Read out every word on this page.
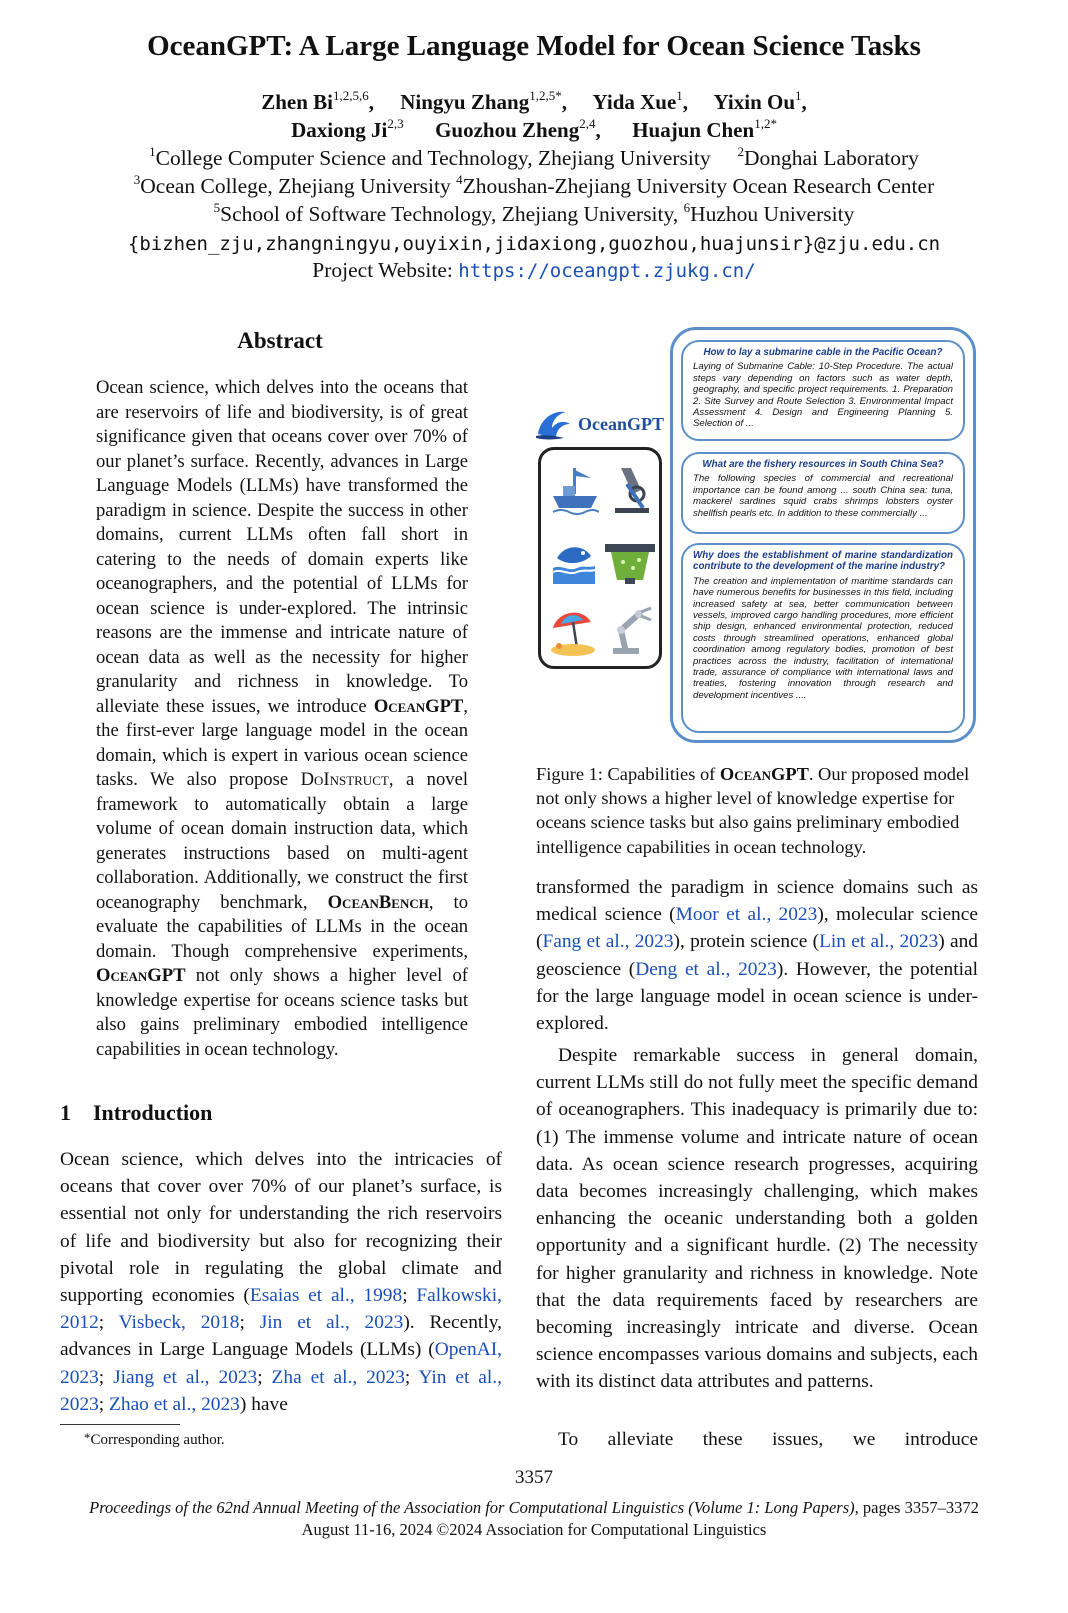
OceanGPT: A Large Language Model for Ocean Science Tasks
Zhen Bi$^{1,2,5,6}$, Ningyu Zhang$^{1,2,5*}$, Yida Xue$^1$, Yixin Ou$^1$,
Daxiong Ji$^{2,3}$ Guozhou Zheng$^{2,4}$, Huajun Chen$^{1,2*}$
$^1$College Computer Science and Technology, Zhejiang University $^2$Donghai Laboratory
$^3$Ocean College, Zhejiang University $^4$Zhoushan-Zhejiang University Ocean Research Center
$^5$School of Software Technology, Zhejiang University, $^6$Huzhou University
{bizhen_zju,zhangningyu,ouyixin,jidaxiong,guozhou,huajunsir}@zju.edu.cn
Project Website: https://oceangpt.zjukg.cn/
Abstract
Ocean science, which delves into the oceans that are reservoirs of life and biodiversity, is of great significance given that oceans cover over 70% of our planet’s surface. Recently, advances in Large Language Models (LLMs) have transformed the paradigm in science. Despite the success in other domains, current LLMs often fall short in catering to the needs of domain experts like oceanographers, and the potential of LLMs for ocean science is under-explored. The intrinsic reasons are the immense and intricate nature of ocean data as well as the necessity for higher granularity and richness in knowledge. To alleviate these issues, we introduce OceanGPT, the first-ever large language model in the ocean domain, which is expert in various ocean science tasks. We also propose DoInstruct, a novel framework to automatically obtain a large volume of ocean domain instruction data, which generates instructions based on multi-agent collaboration. Additionally, we construct the first oceanography benchmark, OceanBench, to evaluate the capabilities of LLMs in the ocean domain. Though comprehensive experiments, OceanGPT not only shows a higher level of knowledge expertise for oceans science tasks but also gains preliminary embodied intelligence capabilities in ocean technology.
1 Introduction
Ocean science, which delves into the intricacies of oceans that cover over 70% of our planet’s surface, is essential not only for understanding the rich reservoirs of life and biodiversity but also for recognizing their pivotal role in regulating the global climate and supporting economies (Esaias et al., 1998; Falkowski, 2012; Visbeck, 2018; Jin et al., 2023). Recently, advances in Large Language Models (LLMs) (OpenAI, 2023; Jiang et al., 2023; Zha et al., 2023; Yin et al., 2023; Zhao et al., 2023) have
*Corresponding author.
OceanGPT
How to lay a submarine cable in the Pacific Ocean?
Laying of Submarine Cable: 10-Step Procedure. The actual steps vary depending on factors such as water depth, geography, and specific project requirements. 1. Preparation 2. Site Survey and Route Selection 3. Environmental Impact Assessment 4. Design and Engineering Planning 5. Selection of ...
What are the fishery resources in South China Sea?
The following species of commercial and recreational importance can be found among ... south China sea: tuna, mackerel sardines squid crabs shrimps lobsters oyster shellfish pearls etc. In addition to these commercially ...
Why does the establishment of marine standardization contribute to the development of the marine industry?
The creation and implementation of maritime standards can have numerous benefits for businesses in this field, including increased safety at sea, better communication between vessels, improved cargo handling procedures, more efficient ship design, enhanced environmental protection, reduced costs through streamlined operations, enhanced global coordination among regulatory bodies, promotion of best practices across the industry, facilitation of international trade, assurance of compliance with international laws and treaties, fostering innovation through research and development incentives ....
Figure 1: Capabilities of OceanGPT. Our proposed model not only shows a higher level of knowledge expertise for oceans science tasks but also gains preliminary embodied intelligence capabilities in ocean technology.
transformed the paradigm in science domains such as medical science (Moor et al., 2023), molecular science (Fang et al., 2023), protein science (Lin et al., 2023) and geoscience (Deng et al., 2023). However, the potential for the large language model in ocean science is under-explored.
Despite remarkable success in general domain, current LLMs still do not fully meet the specific demand of oceanographers. This inadequacy is primarily due to: (1) The immense volume and intricate nature of ocean data. As ocean science research progresses, acquiring data becomes increasingly challenging, which makes enhancing the oceanic understanding both a golden opportunity and a significant hurdle. (2) The necessity for higher granularity and richness in knowledge. Note that the data requirements faced by researchers are becoming increasingly intricate and diverse. Ocean science encompasses various domains and subjects, each with its distinct data attributes and patterns.
To alleviate these issues, we introduce
3357
Proceedings of the 62nd Annual Meeting of the Association for Computational Linguistics (Volume 1: Long Papers), pages 3357–3372
August 11-16, 2024 ©2024 Association for Computational Linguistics
